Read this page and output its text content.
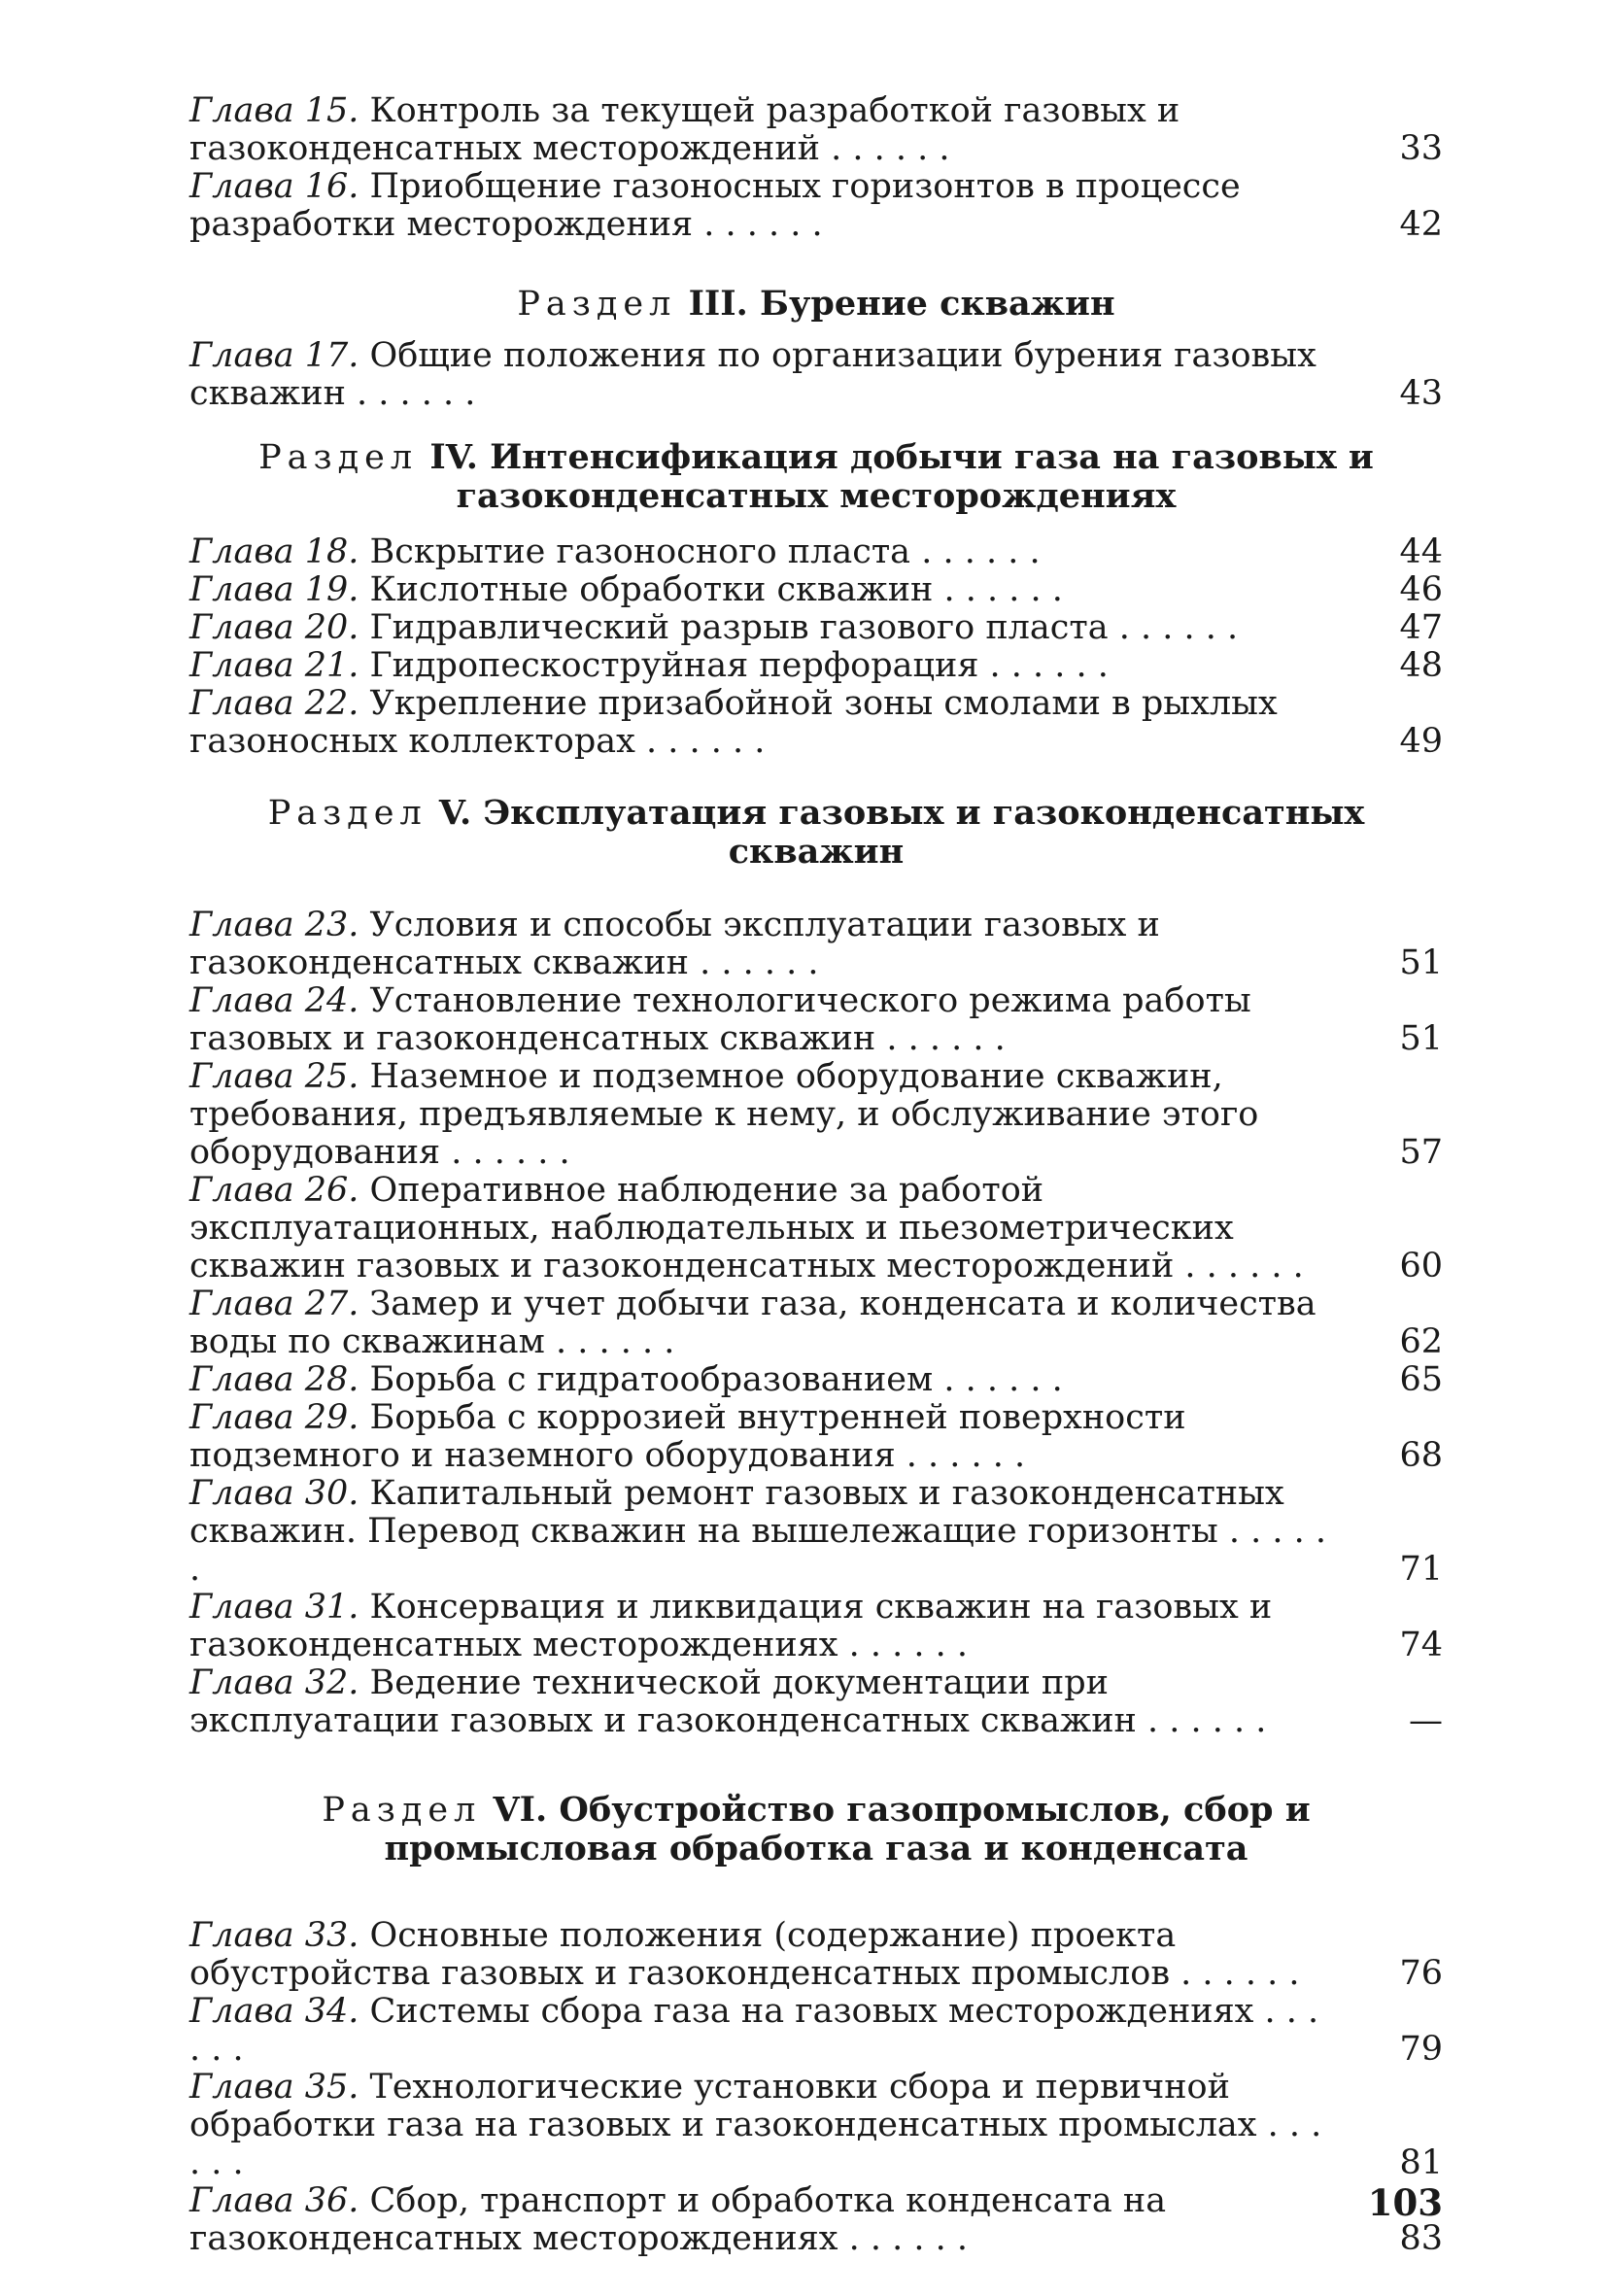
Глава 15. Контроль за текущей разработкой газовых и газоконденсатных месторождений . . . . . .	33
Глава 16. Приобщение газоносных горизонтов в процессе разработки месторождения . . . . . .	42
Раздел III. Бурение скважин
Глава 17. Общие положения по организации бурения газовых скважин . . . . . .	43
Раздел IV. Интенсификация добычи газа на газовых и газоконденсатных месторождениях
Глава 18. Вскрытие газоносного пласта . . . . . .	44
Глава 19. Кислотные обработки скважин . . . . . .	46
Глава 20. Гидравлический разрыв газового пласта . . . . . .	47
Глава 21. Гидропескоструйная перфорация . . . . . .	48
Глава 22. Укрепление призабойной зоны смолами в рыхлых газоносных коллекторах . . . . . .	49
Раздел V. Эксплуатация газовых и газоконденсатных скважин
Глава 23. Условия и способы эксплуатации газовых и газоконденсатных скважин . . . . . .	51
Глава 24. Установление технологического режима работы газовых и газоконденсатных скважин . . . . . .	51
Глава 25. Наземное и подземное оборудование скважин, требования, предъявляемые к нему, и обслуживание этого оборудования . . . . . .	57
Глава 26. Оперативное наблюдение за работой эксплуатационных, наблюдательных и пьезометрических скважин газовых и газоконденсатных месторождений . . . . . .	60
Глава 27. Замер и учет добычи газа, конденсата и количества воды по скважинам . . . . . .	62
Глава 28. Борьба с гидратообразованием . . . . . .	65
Глава 29. Борьба с коррозией внутренней поверхности подземного и наземного оборудования . . . . . .	68
Глава 30. Капитальный ремонт газовых и газоконденсатных скважин. Перевод скважин на вышележащие горизонты . . . . . .	71
Глава 31. Консервация и ликвидация скважин на газовых и газоконденсатных месторождениях . . . . . .	74
Глава 32. Ведение технической документации при эксплуатации газовых и газоконденсатных скважин . . . . . .	—
Раздел VI. Обустройство газопромыслов, сбор и промысловая обработка газа и конденсата
Глава 33. Основные положения (содержание) проекта обустройства газовых и газоконденсатных промыслов . . . . . .	76
Глава 34. Системы сбора газа на газовых месторождениях . . . . . .	79
Глава 35. Технологические установки сбора и первичной обработки газа на газовых и газоконденсатных промыслах . . . . . .	81
Глава 36. Сбор, транспорт и обработка конденсата на газоконденсатных месторождениях . . . . . .	83
103
